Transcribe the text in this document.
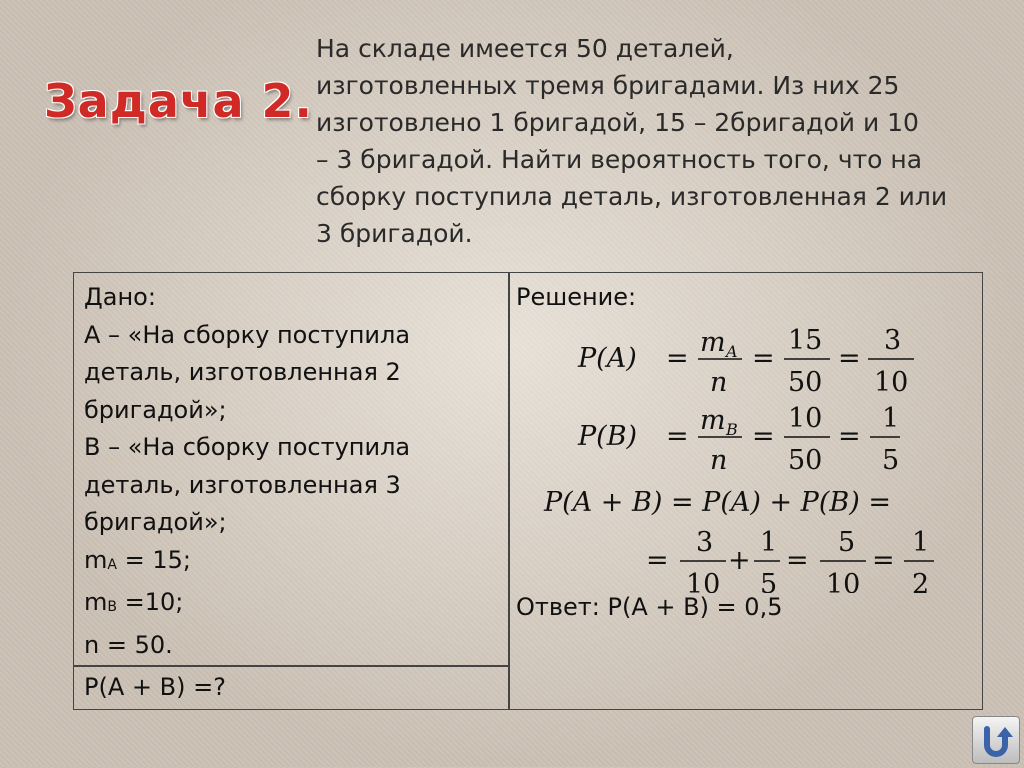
Задача 2.
На складе имеется 50 деталей,
изготовленных тремя бригадами. Из них 25
изготовлено 1 бригадой, 15 – 2бригадой и 10
– 3 бригадой. Найти вероятность того, что на
сборку поступила деталь, изготовленная 2 или
3 бригадой.
Дано:
А – «На сборку поступила
деталь, изготовленная 2
бригадой»;
В – «На сборку поступила
деталь, изготовленная 3
бригадой»;
$m_A = 15$;
$m_B =10$;
n = 50.
Р(А + В) =?
Решение:
P(A) =
m A
n
=
15
50
=
3
10
P(B) =
m B
n
=
10
50
=
1
5
P(A + B) = P(A) + P(B) =
=
3
10
+
1
5
=
5
10
=
1
2
Ответ: Р(А + В) = 0,5
